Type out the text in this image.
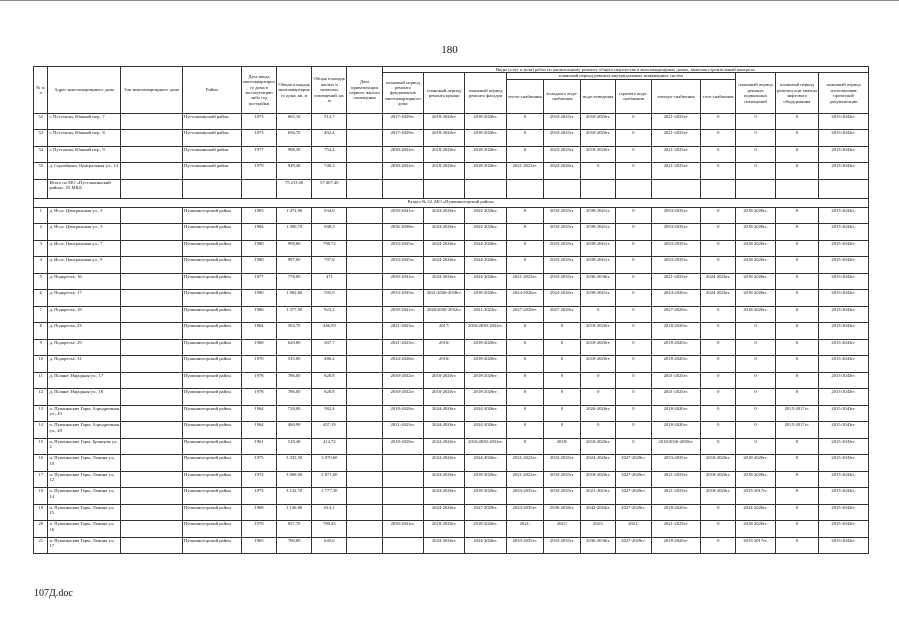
180
№ п/п	Адрес многоквартирного дома	Тип многоквартирного дома	Район	Дата ввода многоквартирного дома в эксплуатацию либо год постройки	Общая площадь многоквартирного дома, кв. м	Общая площадь жилых и нежилых помещений, кв. м	Дата приватизации первого жилого помещения	Виды услуг и (или) работ по капитальному ремонту общего имущества в многоквартирных домах, включая строительный контроль											
								плановый период ремонта фундаментов многоквартирного дома	плановый период ремонта крыши	плановый период ремонта фасадов	плановый период ремонта внутридомовых инженерных систем						плановый период ремонта подвальных помещений	плановый период ремонта или замены лифтового оборудования	плановый период изготовления проектной документации
											тепло-снабжения	холодного водо-снабжения	водо-отведения	горячего водо-снабжения	электро-снабжения	газо-снабжения			
52	г. Пустошка, Южный пер., 7		Пустошкинский район	1973	665,10	512,7		2027-2029гг.	2018-2020гг.	2018-2020гг.	0	2023-2025гг.	2018-2020гг.	0	2021-2023гг.	0	0	0	2015-2043гг.
53	г. Пустошка, Южный пер., 8		Пустошкинский район	1973	656,70	492,4		2027-2029гг.	2018-2020гг.	2018-2020гг.	0	2023-2025гг.	2018-2020гг.	0	2021-2023гг.	0	0	0	2015-2043гг.
54	г. Пустошка, Южный пер., 9		Пустошкинский район	1977	988,30	752,4		2030-2032гг.	2018-2020гг.	2018-2020гг.	0	2023-2025гг.	2018-2020гг.	0	2021-2023гг.	0	0	0	2015-2043гг.
55	д. Сергейцево, Центральная ул., 14		Пустошкинский район	1979	949,40	740,3		2030-2032гг.	2018-2020гг.	2018-2020гг.	2021-2023гг.	2024-2026гг.	0	0	2021-2023гг.	0	0	0	2015-2043гг.
	Итого по МО «Пустошкинский район»: 55 МКД				75 213,50	57 407,40													
Раздел № 22. МО «Пушкиногорский район»																			
1	д. Исса, Центральная ул., 3		Пушкиногорский район	1985	1 472,90	934,9		2039-2041гг.	2024-2026гг.	2024-2026гг.	0	2033-2035гг.	2039-2041гг.	0	2033-2035гг.	0	2018-2020гг.	0	2015-2043гг.
2	д. Исса, Центральная ул., 5		Пушкиногорский район	1984	1 490,70	948,5		2036-2038гг.	2024-2026гг.	2024-2026гг.	0	2033-2035гг.	2039-2041гг.	0	2033-2035гг.	0	2018-2020гг.	0	2015-2043гг.
3	д. Исса, Центральная ул., 7		Пушкиногорский район	1980	998,60	798,72		2033-2035гг.	2024-2026гг.	2024-2026гг.	0	2033-2035гг.	2039-2041гг.	0	2033-2035гг.	0	2018-2020гг.	0	2015-2043гг.
4	д. Исса, Центральная ул., 9		Пушкиногорский район	1980	997,00	797,6		2033-2035гг.	2024-2026гг.	2024-2026гг.	0	2033-2035гг.	2039-2041гг.	0	2033-2035гг.	0	2018-2020гг.	0	2015-2043гг.
5	д. Подкресье, 16		Пушкиногорский район	1977	778,00	471		2030-2032гг.	2024-2026гг.	2024-2026гг.	2021-2023гг.	2033-2035гг.	2036-2038гг.	0	2021-2023гг.	2024-2026гг.	2018-2020гг.	0	2015-2043гг.
6	д. Подкресье, 17		Пушкиногорский район	1980	1 002,60	595,9		2033-2035гг.	2021/2036-2038гг.	2018-2020гг.	2024-2026гг.	2024-2026гг.	2039-2041гг.	0	2024-2026гг.	2024-2026гг.	2018-2020гг.	0	2015-2043гг.
7	д. Подкресье, 18		Пушкиногорский район	1986	1 377,50	923,2		2039-2041гг.	2020/2030-2032гг.	2021-2023гг.	2027-2029гг.	2027-2029гг.	0	0	2027-2029гг.	0	2018-2020гг.	0	2015-2043гг.
8	д. Подкресье, 23		Пушкиногорский район	1964	504,70	446,59		2021-2023гг.	2017/	2016/2030-2032гг.	0	0	2018-2020гг.	0	2018-2020гг.	0	0	0	2015-2043гг.
9	д. Подкресье, 29		Пушкиногорский район	1968	620,80	507,7		2021-2023гг.	2016/	2018-2020гг.	0	0	2018-2020гг.	0	2018-2020гг.	0	0	0	2015-2043гг.
10	д. Подкресье, 31		Пушкиногорский район	1970	535,00	486,2		2024-2026гг.	2016/	2018-2020гг.	0	0	2018-2020гг.	0	2018-2020гг.	0	0	0	2015-2043гг.
11	д. Поляне, Народная ул., 17		Пушкиногорский район	1978	786,00	628,8		2030-2032гг.	2018-2020гг.	2018-2020гг.	0	0	0	0	2021-2023гг.	0	0	0	2015-2043гг.
12	д. Поляне, Народная ул., 18		Пушкиногорский район	1978	786,00	628,8		2030-2032гг.	2018-2020гг.	2018-2020гг.	0	0	0	0	2021-2023гг.	0	0	0	2015-2043гг.
13	п. Пушкинские Горы, Аэродромная ул., 43		Пушкиногорский район	1964	728,00	582,4		2018-2020гг.	2024-2026гг.	2024-2026гг.	0	0	2024-2026гг.	0	2018-2020гг.	0	0	2015-2017гг.	2015-2043гг.
14	п. Пушкинские Горы, Аэродромная ул., 49		Пушкиногорский район	1964	460,90	457,19		2021-2023гг.	2024-2026гг.	2024-2026гг.	0	0	0	0	2018-2020гг.	0	0	2015-2017гг.	2015-2043гг.
15	п. Пушкинские Горы, Бровцева ул., 2		Пушкиногорский район	1961	518,40	414,72		2018-2020гг.	2024-2026гг.	2016/2030-2032гг.	0	2018/	2018-2020гг.	0	2018/2036-2038гг.	0	0	0	2015-2043гг.
16	п. Пушкинские Горы, Ленина ул., 10		Пушкиногорский район	1975	3 335,50	3 070,60			2024-2026гг.	2024-2026гг.	2021-2023гг.	2033-2035гг.	2024-2026гг.	2027-2029гг.	2033-2035гг.	2018-2020гг.	2018-2020гг.	0	2015-2043гг.
17	п. Пушкинские Горы, Ленина ул., 12		Пушкиногорский район	1972	3 068,00	2 871,00			2024-2026гг.	2018-2020гг.	2021-2023гг.	2033-2035гг.	2018-2020гг.	2027-2029гг.	2021-2023гг.	2018-2020гг.	2018-2020гг.	0	2015-2043гг.
18	п. Пушкинские Горы, Ленина ул., 14		Пушкиногорский район	1973	3 122,70	1 777,30			2024-2026гг.	2018-2020гг.	2033-2035гг.	2033-2035гг.	2021-2023гг.	2027-2029гг.	2021-2023гг.	2018-2020гг.	2015-2017гг.	0	2015-2043гг.
19	п. Пушкинские Горы, Ленина ул., 15		Пушкиногорский район	1968	1 136,80	614,1			2024-2026гг.	2027-2029гг.	2033-2035гг.	2036-2038гг.	2042-2044гг.	2027-2029гг.	2018-2020гг.	0	2024-2026гг.	0	2015-2043гг.
20	п. Пушкинские Горы, Ленина ул., 16		Пушкиногорский район	1976	837,70	789,45		2030-2032гг.	2018-2020гг.	2018-2020гг.	2021/	2021/	2021/	2021/	2021-2023гг.	0	2018-2020гг.	0	2015-2043гг.
21	п. Пушкинские Горы, Ленина ул., 17		Пушкиногорский район	1965	700,80	645,6			2024-2026гг.	2024-2026гг.	2033-2035гг.	2033-2035гг.	2036-2038гг.	2027-2029гг.	2018-2020гг.	0	2015-2017гг.	0	2015-2043гг.
107Д.doc
